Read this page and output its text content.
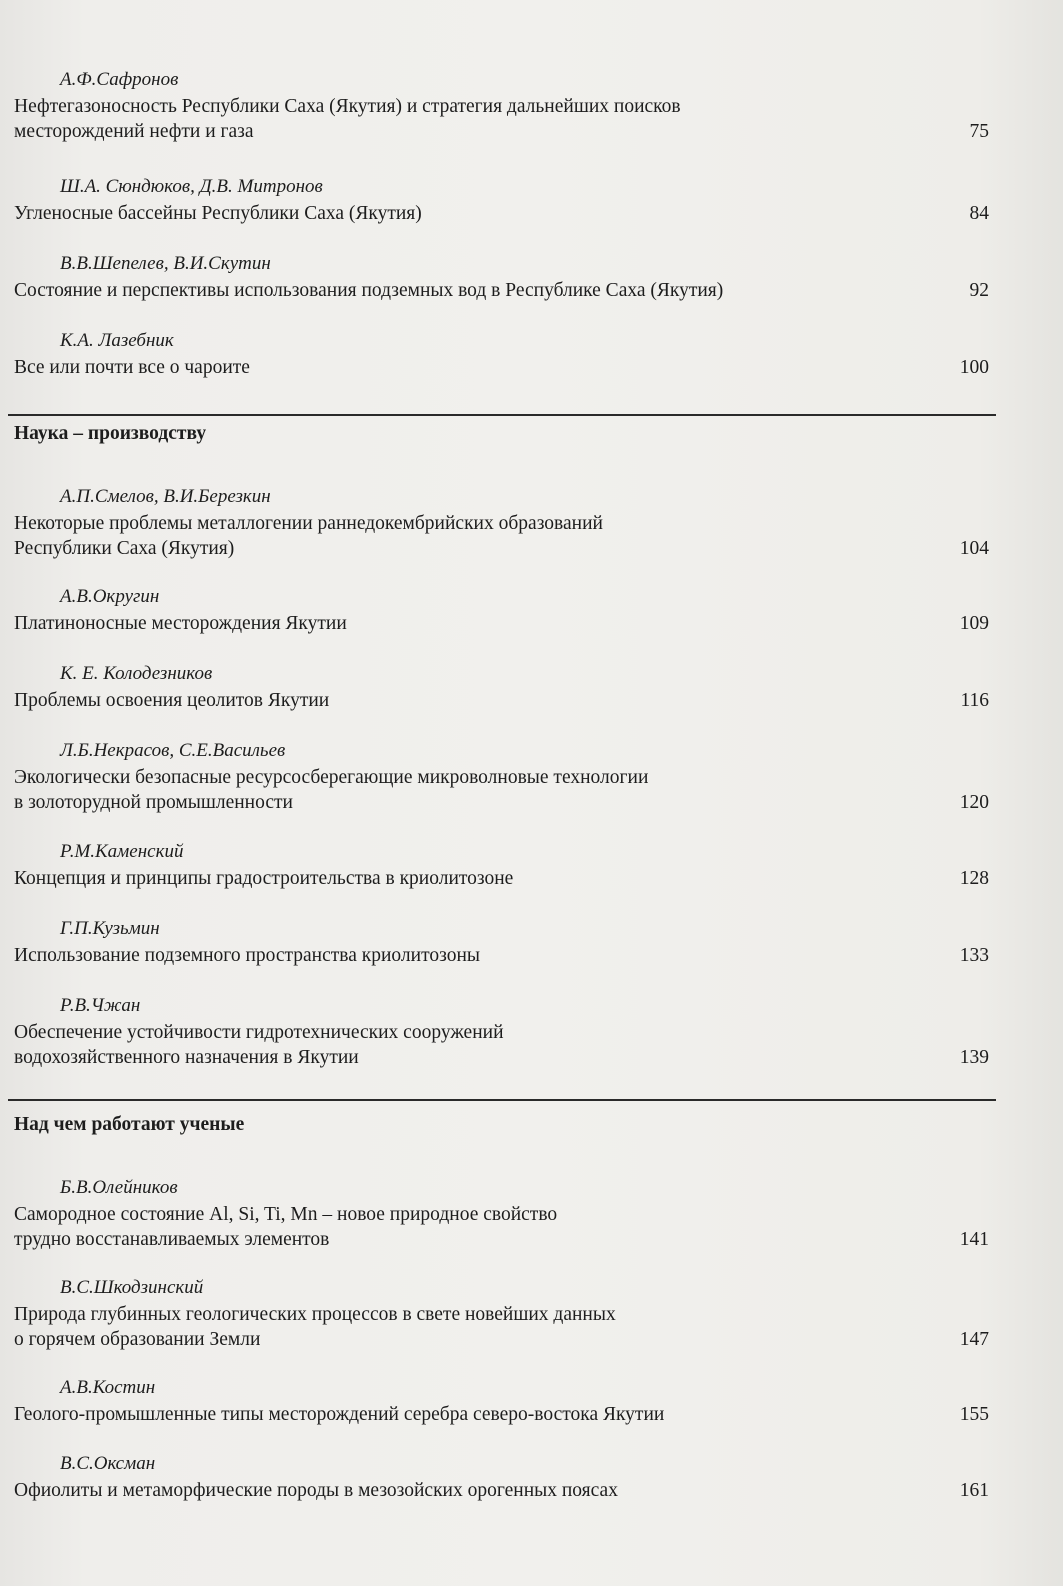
А.Ф.Сафронов
Нефтегазоносность Республики Саха (Якутия) и стратегия дальнейших поисков
месторождений нефти и газа	75
Ш.А. Сюндюков, Д.В. Митронов
Угленосные бассейны Республики Саха (Якутия)	84
В.В.Шепелев, В.И.Скутин
Состояние и перспективы использования подземных вод в Республике Саха (Якутия)	92
К.А. Лазебник
Все или почти все о чароите	100
Наука – производству
А.П.Смелов, В.И.Березкин
Некоторые проблемы металлогении раннедокембрийских образований
Республики Саха (Якутия)	104
А.В.Округин
Платиноносные месторождения Якутии	109
К. Е. Колодезников
Проблемы освоения цеолитов Якутии	116
Л.Б.Некрасов, С.Е.Васильев
Экологически безопасные ресурсосберегающие микроволновые технологии
в золоторудной промышленности	120
Р.М.Каменский
Концепция и принципы градостроительства в криолитозоне	128
Г.П.Кузьмин
Использование подземного пространства криолитозоны	133
Р.В.Чжан
Обеспечение устойчивости гидротехнических сооружений
водохозяйственного назначения в Якутии	139
Над чем работают ученые
Б.В.Олейников
Самородное состояние Al, Si, Ti, Mn – новое природное свойство
трудно восстанавливаемых элементов	141
В.С.Шкодзинский
Природа глубинных геологических процессов в свете новейших данных
о горячем образовании Земли	147
А.В.Костин
Геолого-промышленные типы месторождений серебра северо-востока Якутии	155
В.С.Оксман
Офиолиты и метаморфические породы в мезозойских орогенных поясах	161
